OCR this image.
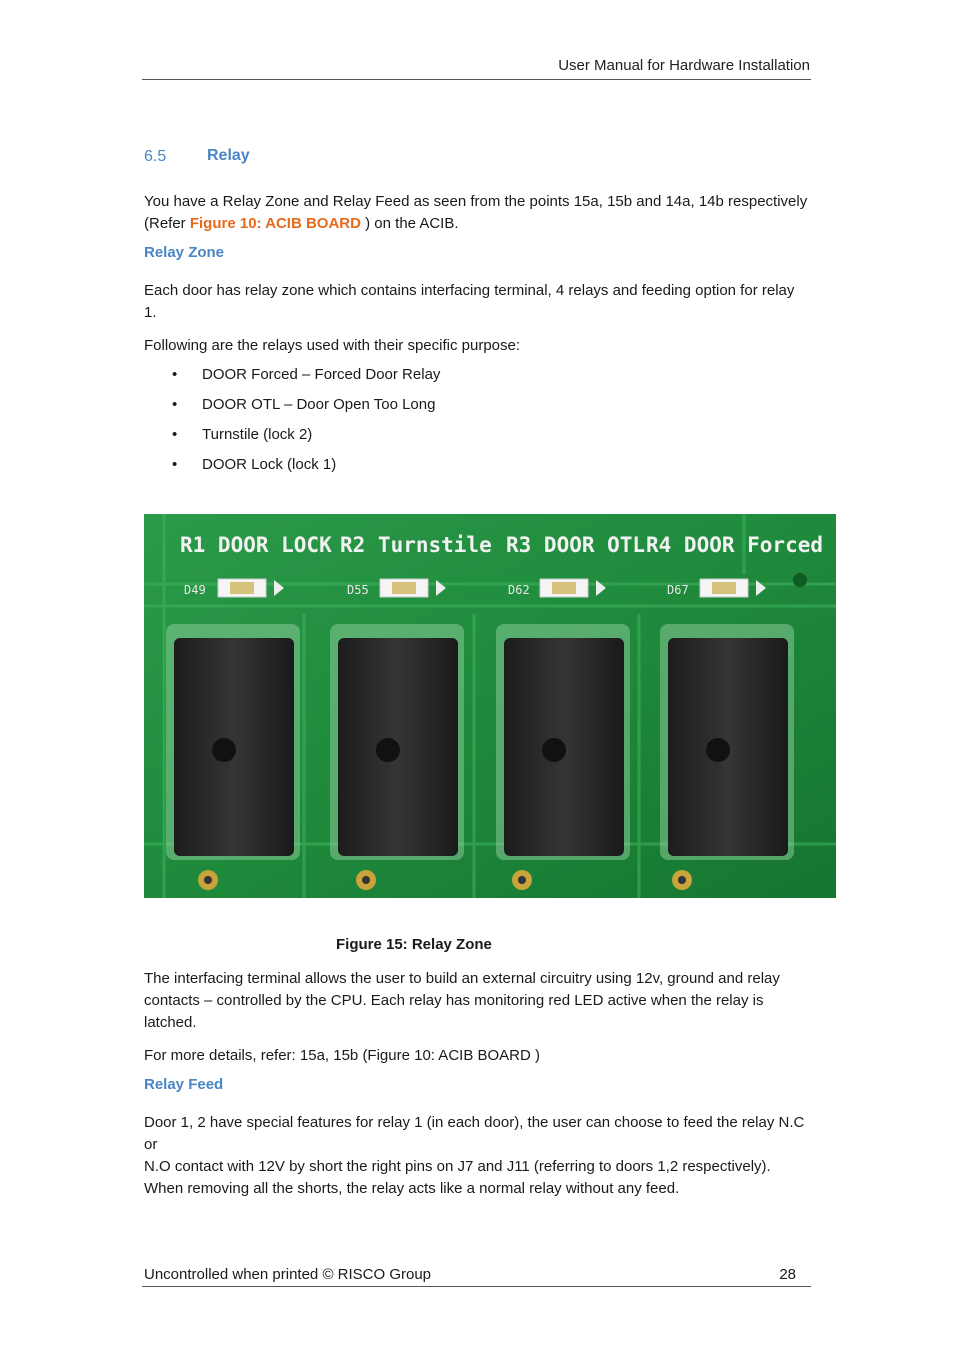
User Manual for Hardware Installation
6.5	Relay
You have a Relay Zone and Relay Feed as seen from the points 15a, 15b and 14a, 14b respectively
(Refer Figure 10: ACIB BOARD ) on the ACIB.
Relay Zone
Each door has relay zone which contains interfacing terminal, 4 relays and feeding option for relay
1.
Following are the relays used with their specific purpose:
• DOOR Forced – Forced Door Relay
• DOOR OTL – Door Open Too Long
• Turnstile (lock 2)
• DOOR Lock (lock 1)
R1 DOOR LOCK R2 Turnstile R3 DOOR OTL R4 DOOR Forced
D49	D55	D62	D67
Figure 15: Relay Zone
The interfacing terminal allows the user to build an external circuitry using 12v, ground and relay
contacts – controlled by the CPU. Each relay has monitoring red LED active when the relay is
latched.
For more details, refer: 15a, 15b (Figure 10: ACIB BOARD )
Relay Feed
Door 1, 2 have special features for relay 1 (in each door), the user can choose to feed the relay N.C or
N.O contact with 12V by short the right pins on J7 and J11 (referring to doors 1,2 respectively).
When removing all the shorts, the relay acts like a normal relay without any feed.
Uncontrolled when printed © RISCO Group	28
